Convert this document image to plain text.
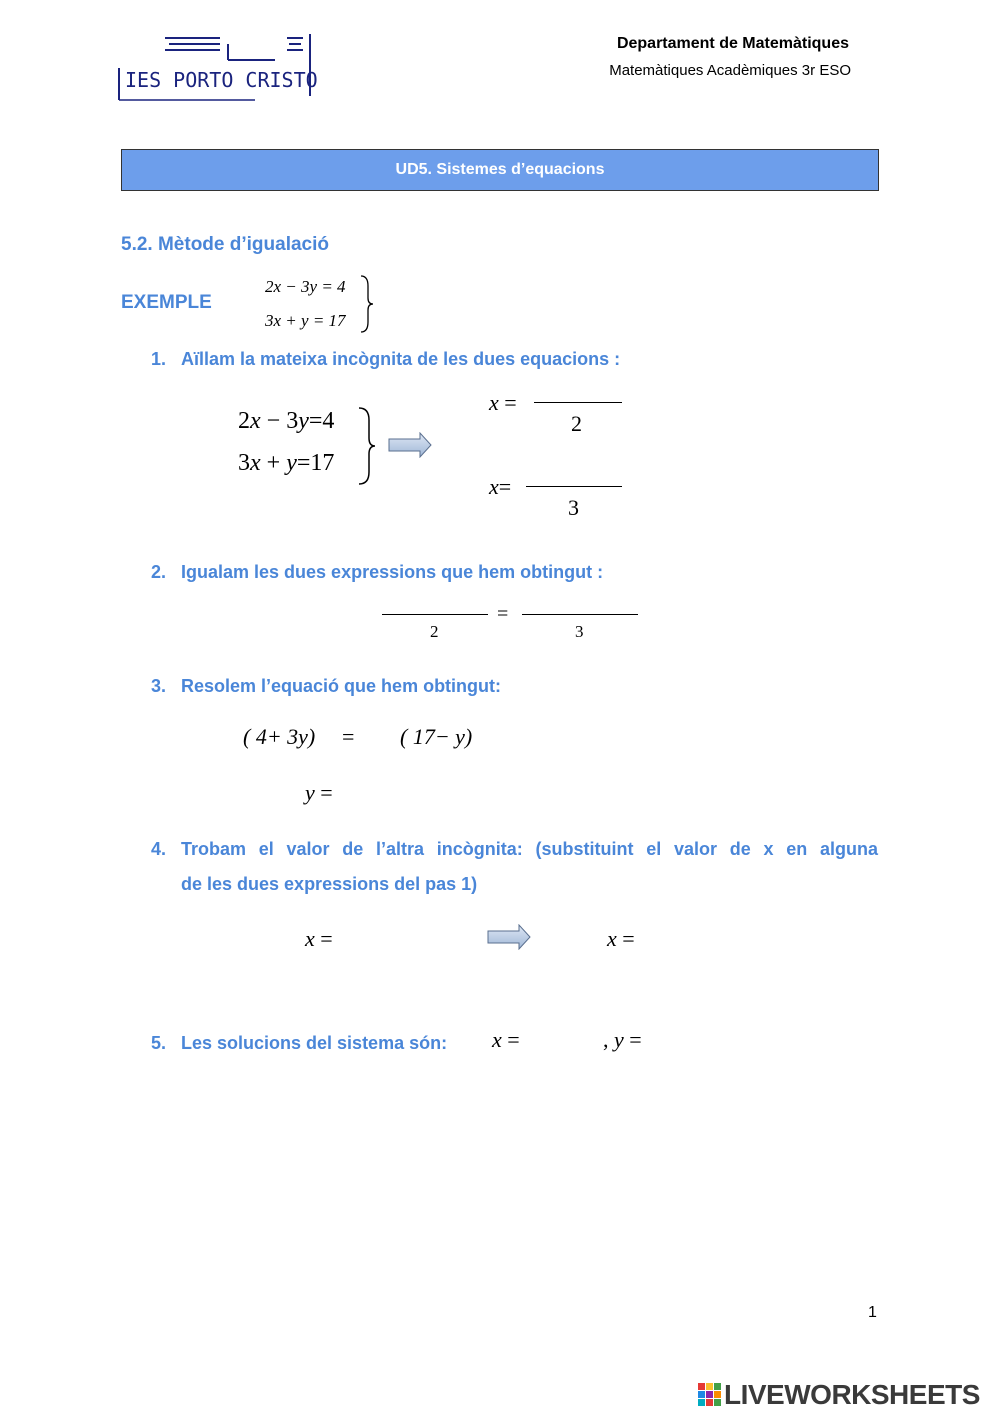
IES PORTO CRISTO
Departament de Matemàtiques
Matemàtiques Acadèmiques 3r ESO
UD5. Sistemes d’equacions
5.2. Mètode d’igualació
EXEMPLE
2x − 3y = 4
3x + y = 17
1. Aïllam la mateixa incògnita de les dues equacions :
2x − 3y=4
3x + y=17
x =
2
x=
3
2. Igualam les dues expressions que hem obtingut :
2
=
3
3. Resolem l’equació que hem obtingut:
( 4+ 3y) = ( 17− y)
y =
4. Trobam el valor de l’altra incògnita: (substituint el valor de x en alguna
de les dues expressions del pas 1)
x =	x =
5. Les solucions del sistema són: x =	, y =
1
LIVEWORKSHEETS
